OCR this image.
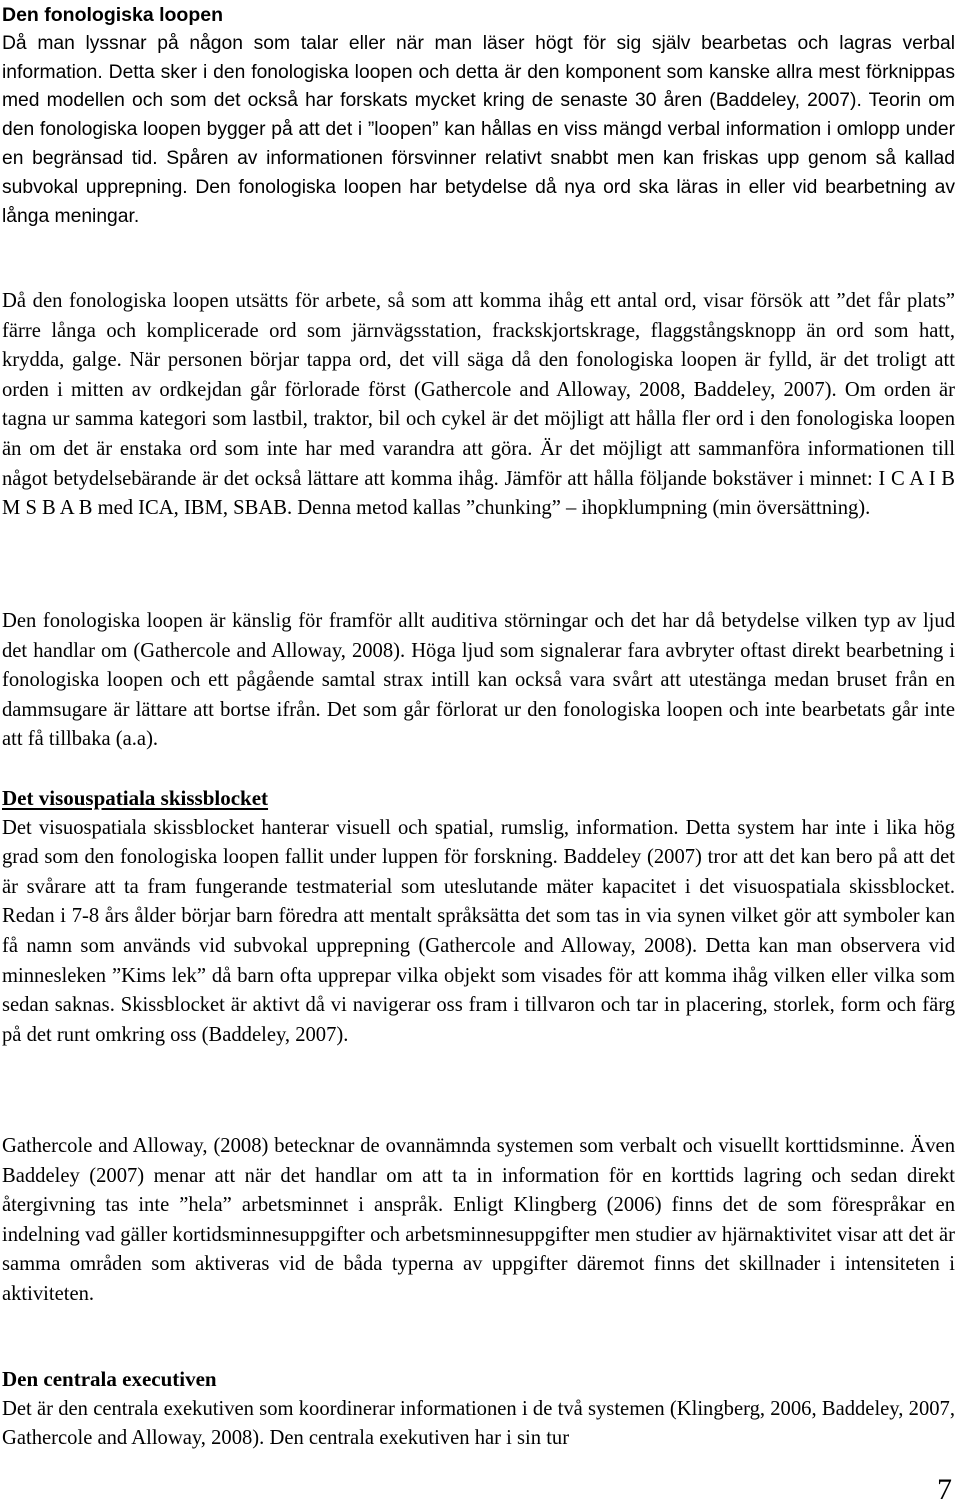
Den fonologiska loopen

Då man lyssnar på någon som talar eller när man läser högt för sig själv bearbetas och lagras verbal information. Detta sker i den fonologiska loopen och detta är den komponent som kanske allra mest förknippas med modellen och som det också har forskats mycket kring de senaste 30 åren (Baddeley, 2007). Teorin om den fonologiska loopen bygger på att det i ”loopen” kan hållas en viss mängd verbal information i omlopp under en begränsad tid. Spåren av informationen försvinner relativt snabbt men kan friskas upp genom så kallad subvokal upprepning. Den fonologiska loopen har betydelse då nya ord ska läras in eller vid bearbetning av långa meningar.

Då den fonologiska loopen utsätts för arbete, så som att komma ihåg ett antal ord, visar försök att ”det får plats” färre långa och komplicerade ord som järnvägsstation, frackskjortskrage, flaggstångsknopp än ord som hatt, krydda, galge. När personen börjar tappa ord, det vill säga då den fonologiska loopen är fylld, är det troligt att orden i mitten av ordkejdan går förlorade först (Gathercole and Alloway, 2008, Baddeley, 2007). Om orden är tagna ur samma kategori som lastbil, traktor, bil och cykel är det möjligt att hålla fler ord i den fonologiska loopen än om det är enstaka ord som inte har med varandra att göra. Är det möjligt att sammanföra informationen till något betydelsebärande är det också lättare att komma ihåg. Jämför att hålla följande bokstäver i minnet: I C A I B M S B A B med ICA, IBM, SBAB. Denna metod kallas ”chunking” – ihopklumpning (min översättning).

Den fonologiska loopen är känslig för framför allt auditiva störningar och det har då betydelse vilken typ av ljud det handlar om (Gathercole and Alloway, 2008). Höga ljud som signalerar fara avbryter oftast direkt bearbetning i fonologiska loopen och ett pågående samtal strax intill kan också vara svårt att utestänga medan bruset från en dammsugare är lättare att bortse ifrån. Det som går förlorat ur den fonologiska loopen och inte bearbetats går inte att få tillbaka (a.a).

Det visouspatiala skissblocket

Det visuospatiala skissblocket hanterar visuell och spatial, rumslig, information. Detta system har inte i lika hög grad som den fonologiska loopen fallit under luppen för forskning. Baddeley (2007) tror att det kan bero på att det är svårare att ta fram fungerande testmaterial som uteslutande mäter kapacitet i det visuospatiala skissblocket. Redan i 7-8 års ålder börjar barn föredra att mentalt språksätta det som tas in via synen vilket gör att symboler kan få namn som används vid subvokal upprepning (Gathercole and Alloway, 2008). Detta kan man observera vid minnesleken ”Kims lek” då barn ofta upprepar vilka objekt som visades för att komma ihåg vilken eller vilka som sedan saknas. Skissblocket är aktivt då vi navigerar oss fram i tillvaron och tar in placering, storlek, form och färg på det runt omkring oss (Baddeley, 2007).

Gathercole and Alloway, (2008) betecknar de ovannämnda systemen som verbalt och visuellt korttidsminne. Även Baddeley (2007) menar att när det handlar om att ta in information för en korttids lagring och sedan direkt återgivning tas inte ”hela” arbetsminnet i anspråk. Enligt Klingberg (2006) finns det de som förespråkar en indelning vad gäller kortidsminnesuppgifter och arbetsminnesuppgifter men studier av hjärnaktivitet visar att det är samma områden som aktiveras vid de båda typerna av uppgifter däremot finns det skillnader i intensiteten i aktiviteten.

Den centrala executiven

Det är den centrala exekutiven som koordinerar informationen i de två systemen (Klingberg, 2006, Baddeley, 2007, Gathercole and Alloway, 2008). Den centrala exekutiven har i sin tur

7
